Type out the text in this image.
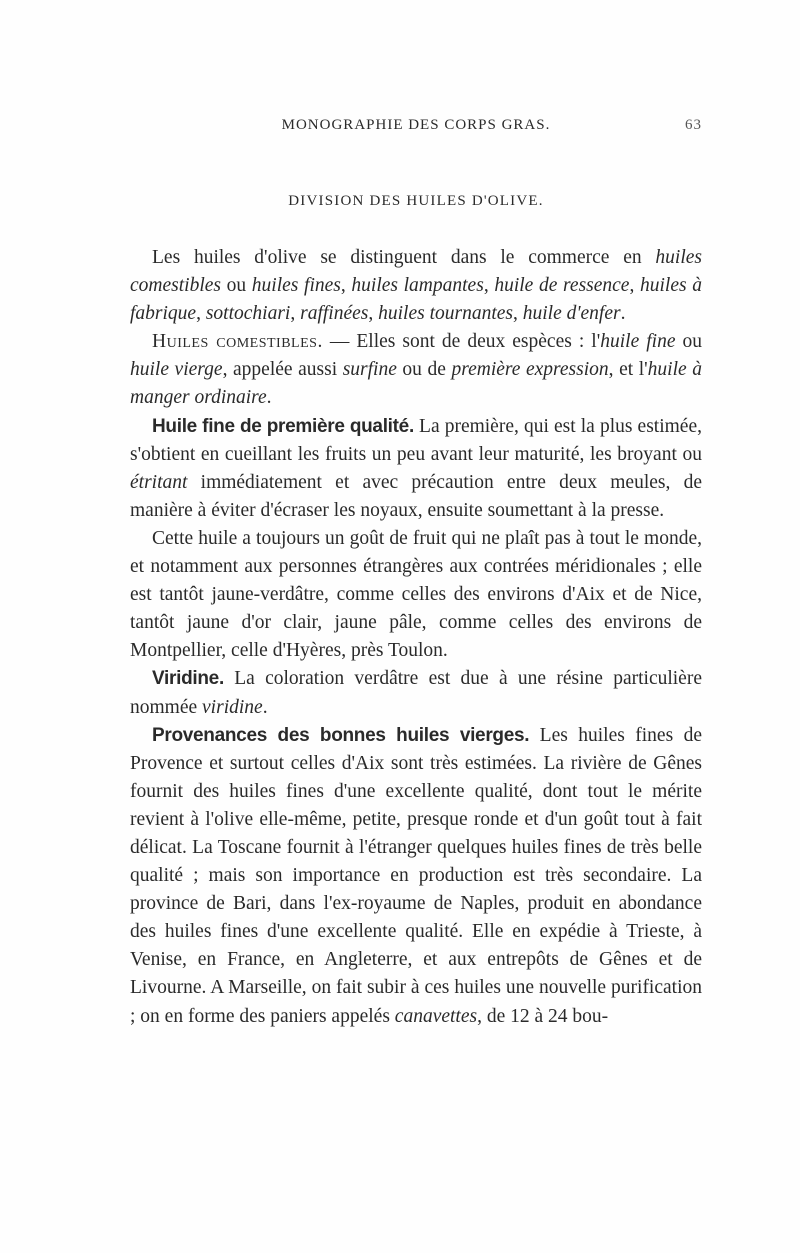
MONOGRAPHIE DES CORPS GRAS.	63
DIVISION DES HUILES D'OLIVE.

Les huiles d'olive se distinguent dans le commerce en huiles comestibles ou huiles fines, huiles lampantes, huile de ressence, huiles à fabrique, sottochiari, raffinées, huiles tournantes, huile d'enfer.

Huiles comestibles. — Elles sont de deux espèces : l'huile fine ou huile vierge, appelée aussi surfine ou de première expression, et l'huile à manger ordinaire.

Huile fine de première qualité. La première, qui est la plus estimée, s'obtient en cueillant les fruits un peu avant leur maturité, les broyant ou étritant immédiatement et avec précaution entre deux meules, de manière à éviter d'écraser les noyaux, ensuite soumettant à la presse.

Cette huile a toujours un goût de fruit qui ne plaît pas à tout le monde, et notamment aux personnes étrangères aux contrées méridionales ; elle est tantôt jaune-verdâtre, comme celles des environs d'Aix et de Nice, tantôt jaune d'or clair, jaune pâle, comme celles des environs de Montpellier, celle d'Hyères, près Toulon.

Viridine. La coloration verdâtre est due à une résine particulière nommée viridine.

Provenances des bonnes huiles vierges. Les huiles fines de Provence et surtout celles d'Aix sont très estimées. La rivière de Gênes fournit des huiles fines d'une excellente qualité, dont tout le mérite revient à l'olive elle-même, petite, presque ronde et d'un goût tout à fait délicat. La Toscane fournit à l'étranger quelques huiles fines de très belle qualité ; mais son importance en production est très secondaire. La province de Bari, dans l'ex-royaume de Naples, produit en abondance des huiles fines d'une excellente qualité. Elle en expédie à Trieste, à Venise, en France, en Angleterre, et aux entrepôts de Gênes et de Livourne. A Marseille, on fait subir à ces huiles une nouvelle purification ; on en forme des paniers appelés canavettes, de 12 à 24 bou-
